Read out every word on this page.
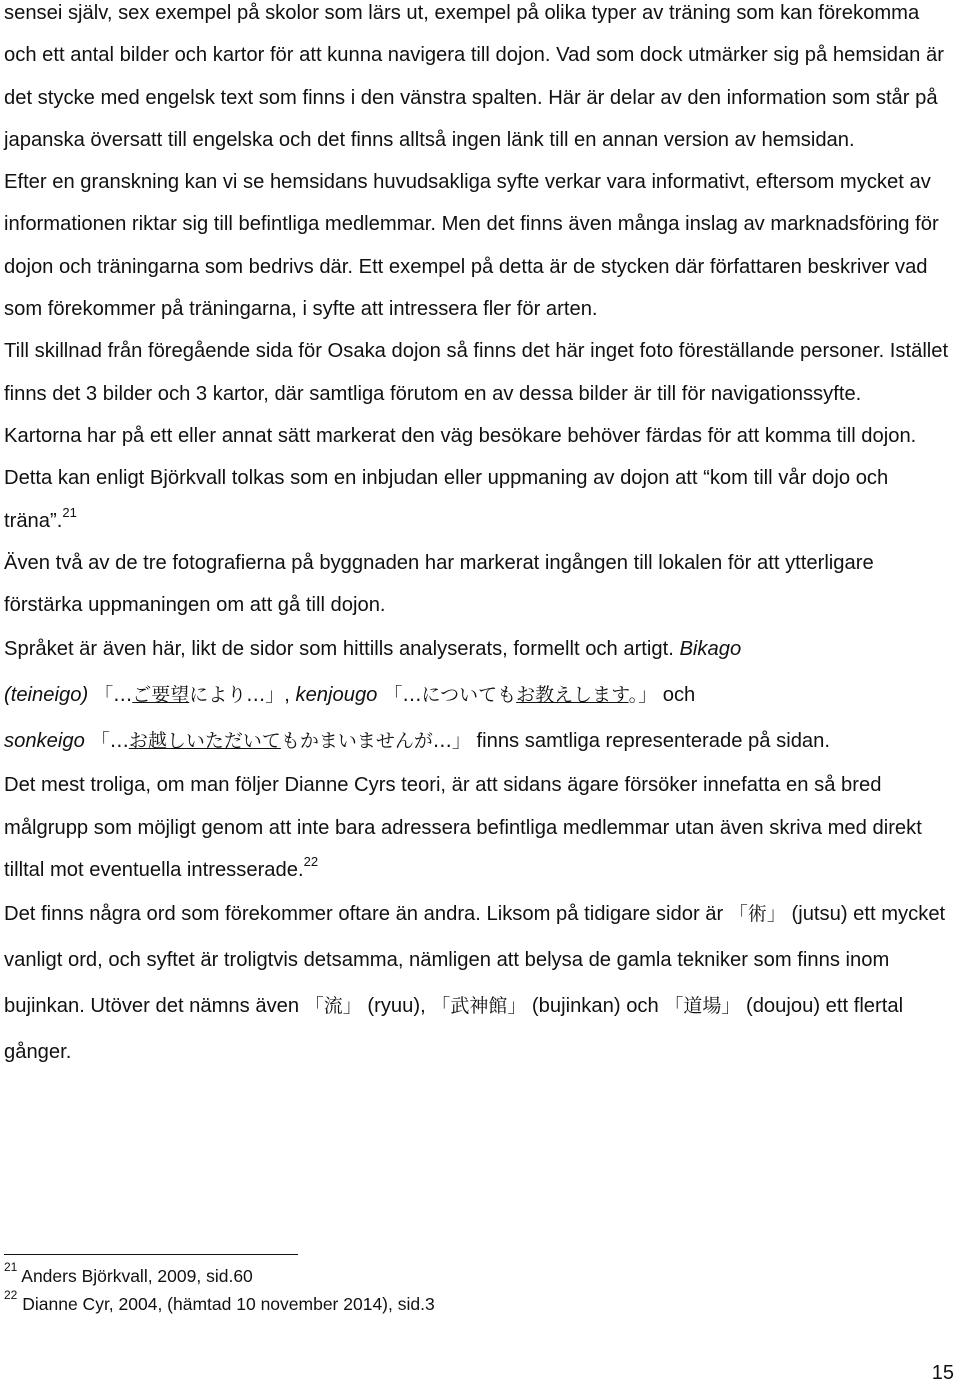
sensei själv, sex exempel på skolor som lärs ut, exempel på olika typer av träning som kan förekomma och ett antal bilder och kartor för att kunna navigera till dojon. Vad som dock utmärker sig på hemsidan är det stycke med engelsk text som finns i den vänstra spalten. Här är delar av den information som står på japanska översatt till engelska och det finns alltså ingen länk till en annan version av hemsidan.

Efter en granskning kan vi se hemsidans huvudsakliga syfte verkar vara informativt, eftersom mycket av informationen riktar sig till befintliga medlemmar. Men det finns även många inslag av marknadsföring för dojon och träningarna som bedrivs där. Ett exempel på detta är de stycken där författaren beskriver vad som förekommer på träningarna, i syfte att intressera fler för arten.

Till skillnad från föregående sida för Osaka dojon så finns det här inget foto föreställande personer. Istället finns det 3 bilder och 3 kartor, där samtliga förutom en av dessa bilder är till för navigationssyfte.

Kartorna har på ett eller annat sätt markerat den väg besökare behöver färdas för att komma till dojon. Detta kan enligt Björkvall tolkas som en inbjudan eller uppmaning av dojon att “kom till vår dojo och träna”.$^{21}$

Även två av de tre fotografierna på byggnaden har markerat ingången till lokalen för att ytterligare förstärka uppmaningen om att gå till dojon.

Språket är även här, likt de sidor som hittills analyserats, formellt och artigt. Bikago
(teineigo) 「…ご要望により…」, kenjougo 「…についてもお教えします。」 och
sonkeigo 「…お越しいただいてもかまいませんが…」 finns samtliga representerade på sidan.

Det mest troliga, om man följer Dianne Cyrs teori, är att sidans ägare försöker innefatta en så bred målgrupp som möjligt genom att inte bara adressera befintliga medlemmar utan även skriva med direkt tilltal mot eventuella intresserade.$^{22}$

Det finns några ord som förekommer oftare än andra. Liksom på tidigare sidor är 「術」 (jutsu) ett mycket vanligt ord, och syftet är troligtvis detsamma, nämligen att belysa de gamla tekniker som finns inom bujinkan. Utöver det nämns även 「流」 (ryuu), 「武神館」 (bujinkan) och 「道場」 (doujou) ett flertal gånger.

$^{21}$ Anders Björkvall, 2009, sid.60

$^{22}$ Dianne Cyr, 2004, (hämtad 10 november 2014), sid.3

15
